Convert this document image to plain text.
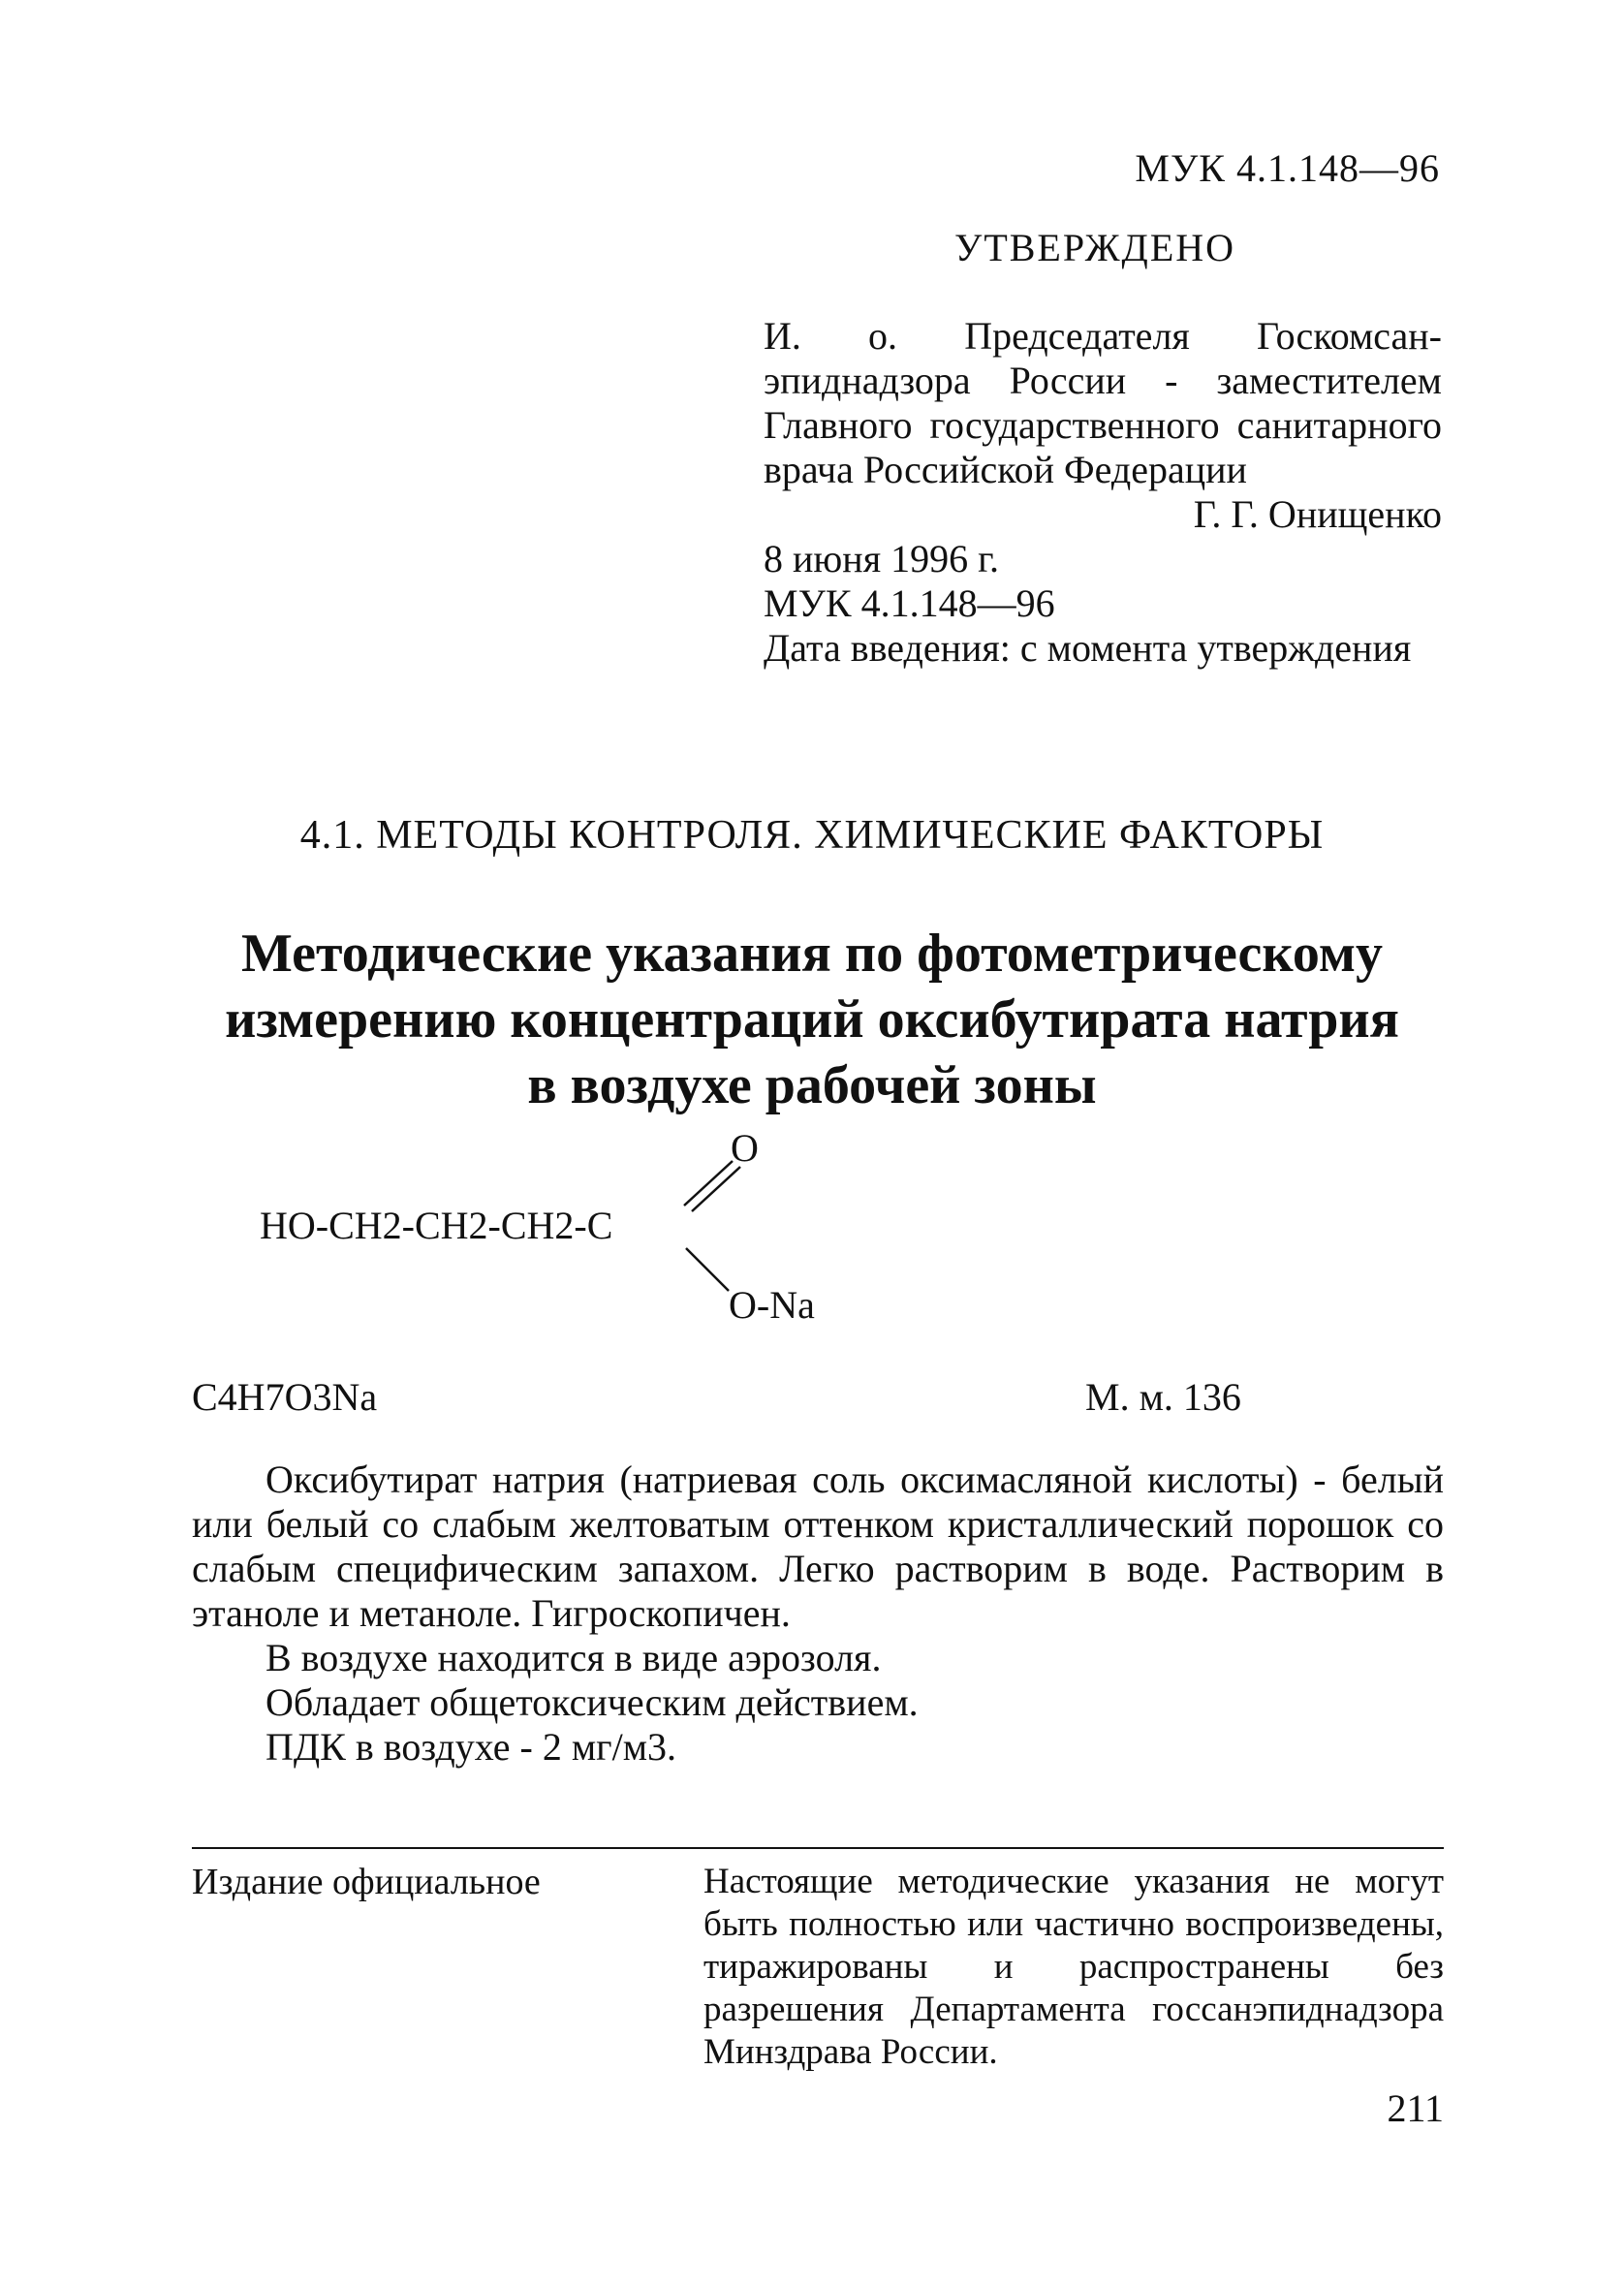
МУК 4.1.148—96
УТВЕРЖДЕНО
И. о. Председателя Госкомсан-эпиднадзора России - заместителем Главного государственного санитарного врача Российской Федерации
Г. Г. Онищенко
8 июня 1996 г.
МУК 4.1.148—96
Дата введения: с момента утверждения
4.1. МЕТОДЫ КОНТРОЛЯ. ХИМИЧЕСКИЕ ФАКТОРЫ
Методические указания по фотометрическому
измерению концентраций оксибутирата натрия
в воздухе рабочей зоны
HO-CH2-CH2-CH2-C
O
O-Na
C4H7O3Na	М. м. 136

Оксибутират натрия (натриевая соль оксимасляной кислоты) - белый или белый со слабым желтоватым оттенком кристаллический порошок со слабым специфическим запахом. Легко растворим в воде. Растворим в этаноле и метаноле. Гигроскопичен.

В воздухе находится в виде аэрозоля.

Обладает общетоксическим действием.

ПДК в воздухе - 2 мг/м3.

Издание официальное	Настоящие методические указания не могут быть полностью или частично воспроизведены, тиражированы и распространены без разрешения Департамента госсанэпиднадзора Минздрава России.
211
